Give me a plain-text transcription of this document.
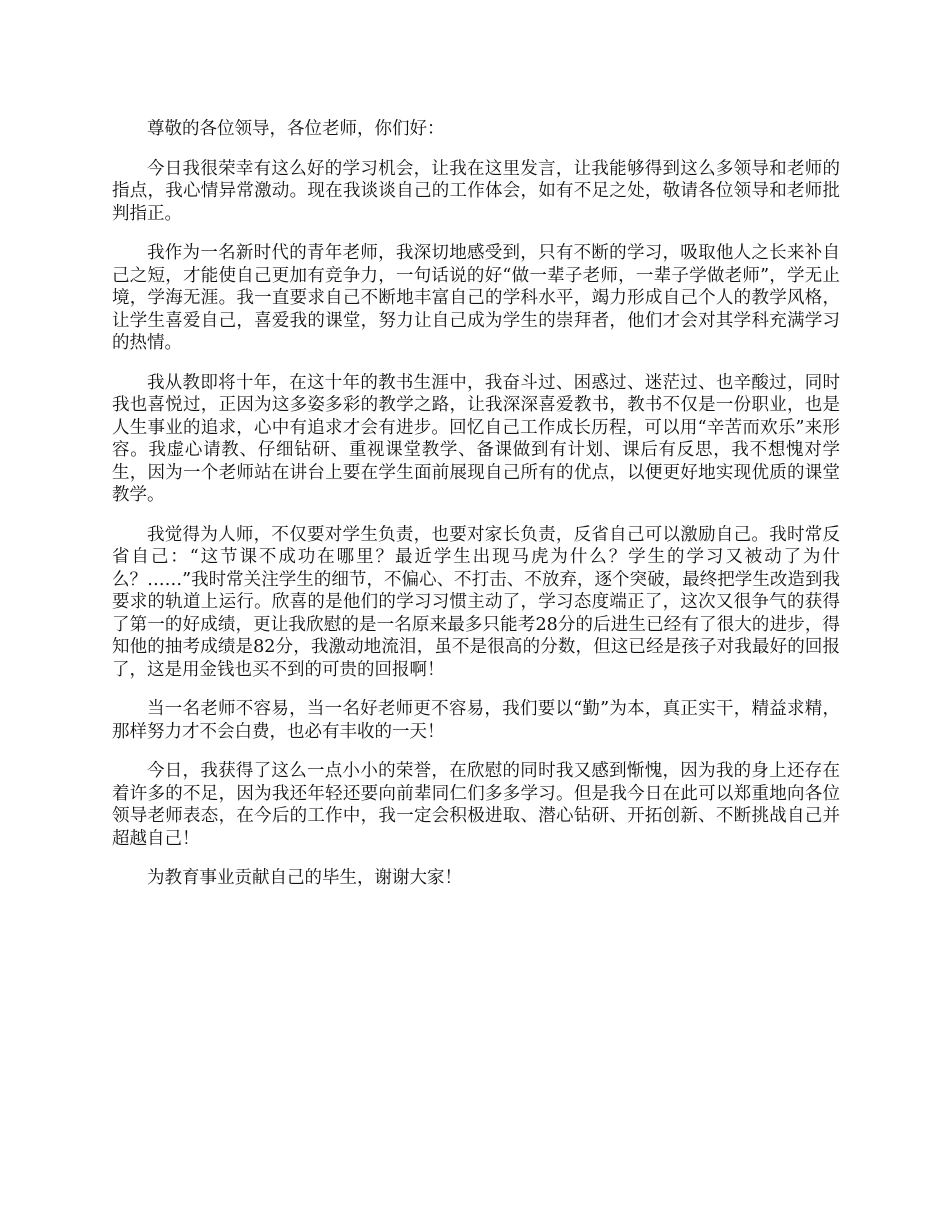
尊敬的各位领导，各位老师，你们好：

今日我很荣幸有这么好的学习机会，让我在这里发言，让我能够得到这么多领导和老师的指点，我心情异常激动。现在我谈谈自己的工作体会，如有不足之处，敬请各位领导和老师批判指正。

我作为一名新时代的青年老师，我深切地感受到，只有不断的学习，吸取他人之长来补自己之短，才能使自己更加有竞争力，一句话说的好“做一辈子老师，一辈子学做老师”，学无止境，学海无涯。我一直要求自己不断地丰富自己的学科水平，竭力形成自己个人的教学风格，让学生喜爱自己，喜爱我的课堂，努力让自己成为学生的崇拜者，他们才会对其学科充满学习的热情。

我从教即将十年，在这十年的教书生涯中，我奋斗过、困惑过、迷茫过、也辛酸过，同时我也喜悦过，正因为这多姿多彩的教学之路，让我深深喜爱教书，教书不仅是一份职业，也是人生事业的追求，心中有追求才会有进步。回忆自己工作成长历程，可以用“辛苦而欢乐”来形容。我虚心请教、仔细钻研、重视课堂教学、备课做到有计划、课后有反思，我不想愧对学生，因为一个老师站在讲台上要在学生面前展现自己所有的优点，以便更好地实现优质的课堂教学。

我觉得为人师，不仅要对学生负责，也要对家长负责，反省自己可以激励自己。我时常反省自己：“这节课不成功在哪里？最近学生出现马虎为什么？学生的学习又被动了为什么？……”我时常关注学生的细节，不偏心、不打击、不放弃，逐个突破，最终把学生改造到我要求的轨道上运行。欣喜的是他们的学习习惯主动了，学习态度端正了，这次又很争气的获得了第一的好成绩，更让我欣慰的是一名原来最多只能考28分的后进生已经有了很大的进步，得知他的抽考成绩是82分，我激动地流泪，虽不是很高的分数，但这已经是孩子对我最好的回报了，这是用金钱也买不到的可贵的回报啊！

当一名老师不容易，当一名好老师更不容易，我们要以“勤”为本，真正实干，精益求精，那样努力才不会白费，也必有丰收的一天！

今日，我获得了这么一点小小的荣誉，在欣慰的同时我又感到惭愧，因为我的身上还存在着许多的不足，因为我还年轻还要向前辈同仁们多多学习。但是我今日在此可以郑重地向各位领导老师表态，在今后的工作中，我一定会积极进取、潜心钻研、开拓创新、不断挑战自己并超越自己！

为教育事业贡献自己的毕生，谢谢大家！
